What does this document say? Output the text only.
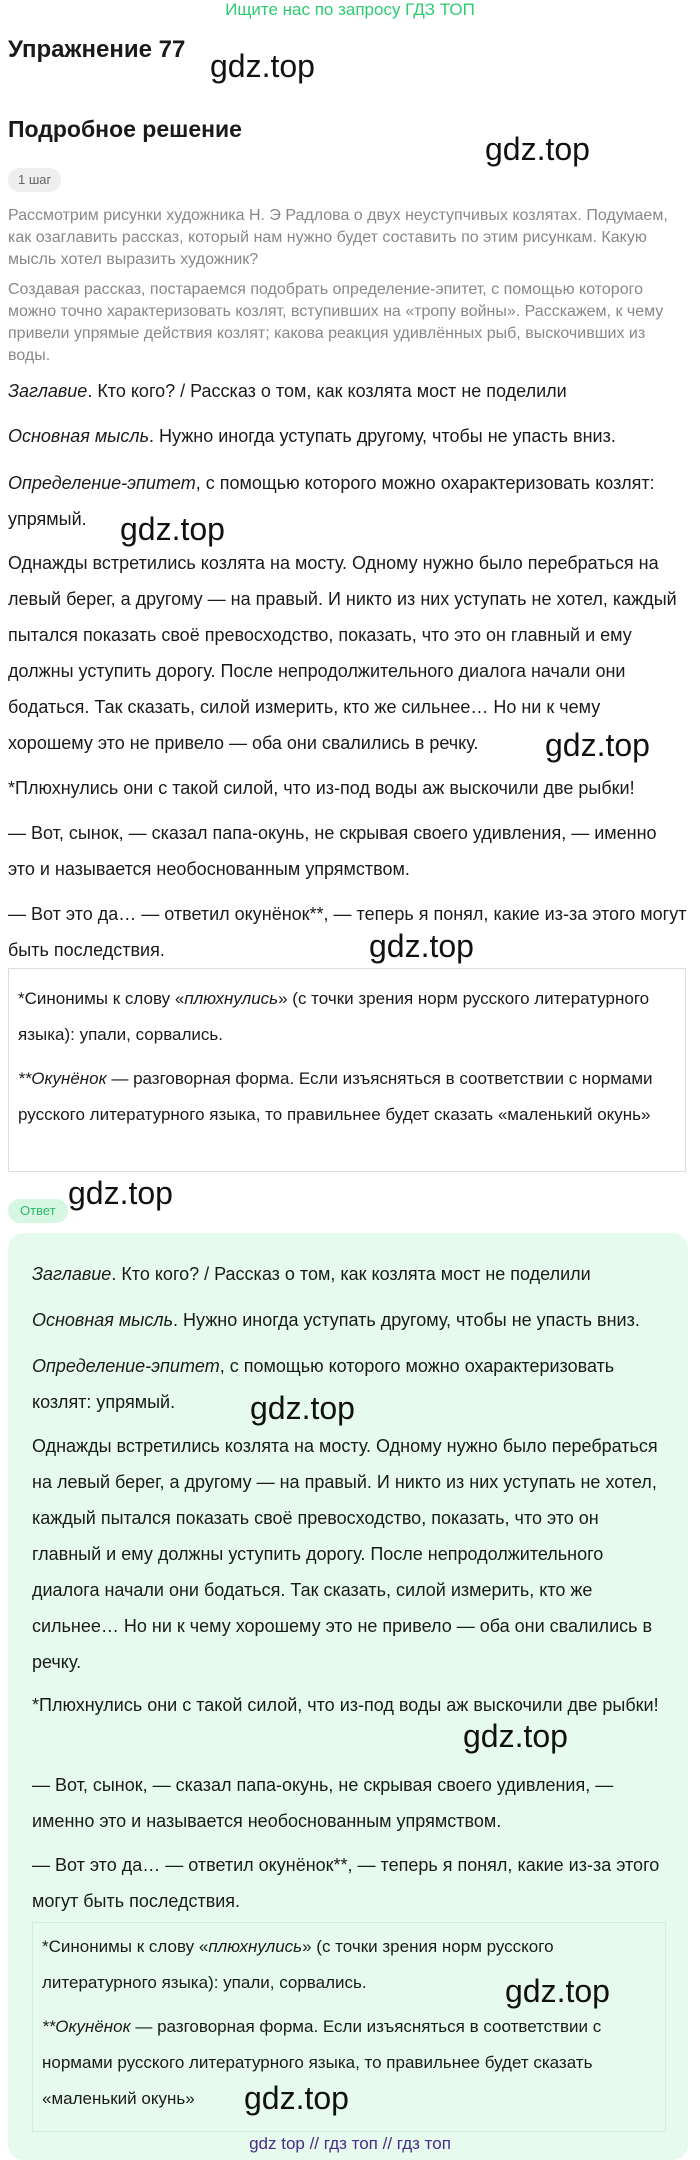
Ищите нас по запросу ГДЗ ТОП
Упражнение 77 gdz.top
Подробное решение
gdz.top
1 шаг
Рассмотрим рисунки художника Н. Э Радлова о двух неуступчивых козлятах. Подумаем, как озаглавить рассказ, который нам нужно будет составить по этим рисункам. Какую мысль хотел выразить художник?
Создавая рассказ, постараемся подобрать определение-эпитет, с помощью которого можно точно характеризовать козлят, вступивших на «тропу войны». Расскажем, к чему привели упрямые действия козлят; какова реакция удивлённых рыб, выскочивших из воды.
Заглавие. Кто кого? / Рассказ о том, как козлята мост не поделили
Основная мысль. Нужно иногда уступать другому, чтобы не упасть вниз.
Определение-эпитет, с помощью которого можно охарактеризовать козлят: упрямый.	gdz.top
Однажды встретились козлята на мосту. Одному нужно было перебраться на левый берег, а другому — на правый. И никто из них уступать не хотел, каждый пытался показать своё превосходство, показать, что это он главный и ему должны уступить дорогу. После непродолжительного диалога начали они бодаться. Так сказать, силой измерить, кто же сильнее… Но ни к чему хорошему это не привело — оба они свалились в речку.	gdz.top
*Плюхнулись они с такой силой, что из-под воды аж выскочили две рыбки!
— Вот, сынок, — сказал папа-окунь, не скрывая своего удивления, — именно это и называется необоснованным упрямством.
— Вот это да… — ответил окунёнок**, — теперь я понял, какие из-за этого могут быть последствия.	gdz.top

*Синонимы к слову «плюхнулись» (с точки зрения норм русского литературного языка): упали, сорвались.

**Окунёнок — разговорная форма. Если изъясняться в соответствии с нормами русского литературного языка, то правильнее будет сказать «маленький окунь»

gdz.top
Ответ

Заглавие. Кто кого? / Рассказ о том, как козлята мост не поделили

Основная мысль. Нужно иногда уступать другому, чтобы не упасть вниз.

Определение-эпитет, с помощью которого можно охарактеризовать козлят: упрямый.

Однажды встретились козлята на мосту. Одному нужно было перебраться на левый берег, а другому — на правый. И никто из них уступать не хотел, каждый пытался показать своё превосходство, показать, что это он главный и ему должны уступить дорогу. После непродолжительного диалога начали они бодаться. Так сказать, силой измерить, кто же сильнее… Но ни к чему хорошему это не привело — оба они свалились в речку.

*Плюхнулись они с такой силой, что из-под воды аж выскочили две рыбки!

— Вот, сынок, — сказал папа-окунь, не скрывая своего удивления, — именно это и называется необоснованным упрямством.

— Вот это да… — ответил окунёнок**, — теперь я понял, какие из-за этого могут быть последствия.

gdz.top
gdz.top

*Синонимы к слову «плюхнулись» (с точки зрения норм русского литературного языка): упали, сорвались.

**Окунёнок — разговорная форма. Если изъясняться в соответствии с нормами русского литературного языка, то правильнее будет сказать «маленький окунь»

gdz.top
gdz.top
gdz top // гдз топ // гдз топ
